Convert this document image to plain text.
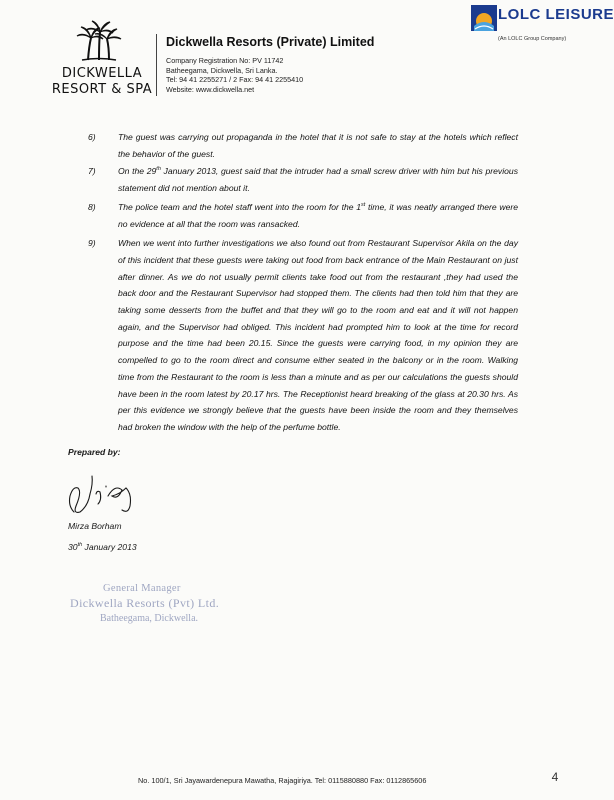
DICKWELLA
RESORT & SPA
Dickwella Resorts (Private) Limited
Company Registration No: PV 11742
Batheegama, Dickwella, Sri Lanka.
Tel: 94 41 2255271 / 2 Fax: 94 41 2255410
Website: www.dickwella.net
LOLC LEISURE
(An LOLC Group Company)
6)	The guest was carrying out propaganda in the hotel that it is not safe to stay at the hotels which reflect the behavior of the guest.
7)	On the 29th January 2013, guest said that the intruder had a small screw driver with him but his previous statement did not mention about it.
8)	The police team and the hotel staff went into the room for the 1st time, it was neatly arranged there were no evidence at all that the room was ransacked.
9)	When we went into further investigations we also found out from Restaurant Supervisor Akila on the day of this incident that these guests were taking out food from back entrance of the Main Restaurant on just after dinner. As we do not usually permit clients take food out from the restaurant ,they had used the back door and the Restaurant Supervisor had stopped them. The clients had then told him that they are taking some desserts from the buffet and that they will go to the room and eat and it will not happen again, and the Supervisor had obliged. This incident had prompted him to look at the time for record purpose and the time had been 20.15. Since the guests were carrying food, in my opinion they are compelled to go to the room direct and consume either seated in the balcony or in the room. Walking time from the Restaurant to the room is less than a minute and as per our calculations the guests should have been in the room latest by 20.17 hrs. The Receptionist heard breaking of the glass at 20.30 hrs. As per this evidence we strongly believe that the guests have been inside the room and they themselves had broken the window with the help of the perfume bottle.
Prepared by:
Mirza Borham
30th January 2013
General Manager
Dickwella Resorts (Pvt) Ltd.
Batheegama, Dickwella.
No. 100/1, Sri Jayawardenepura Mawatha, Rajagiriya. Tel: 0115880880 Fax: 0112865606	4
